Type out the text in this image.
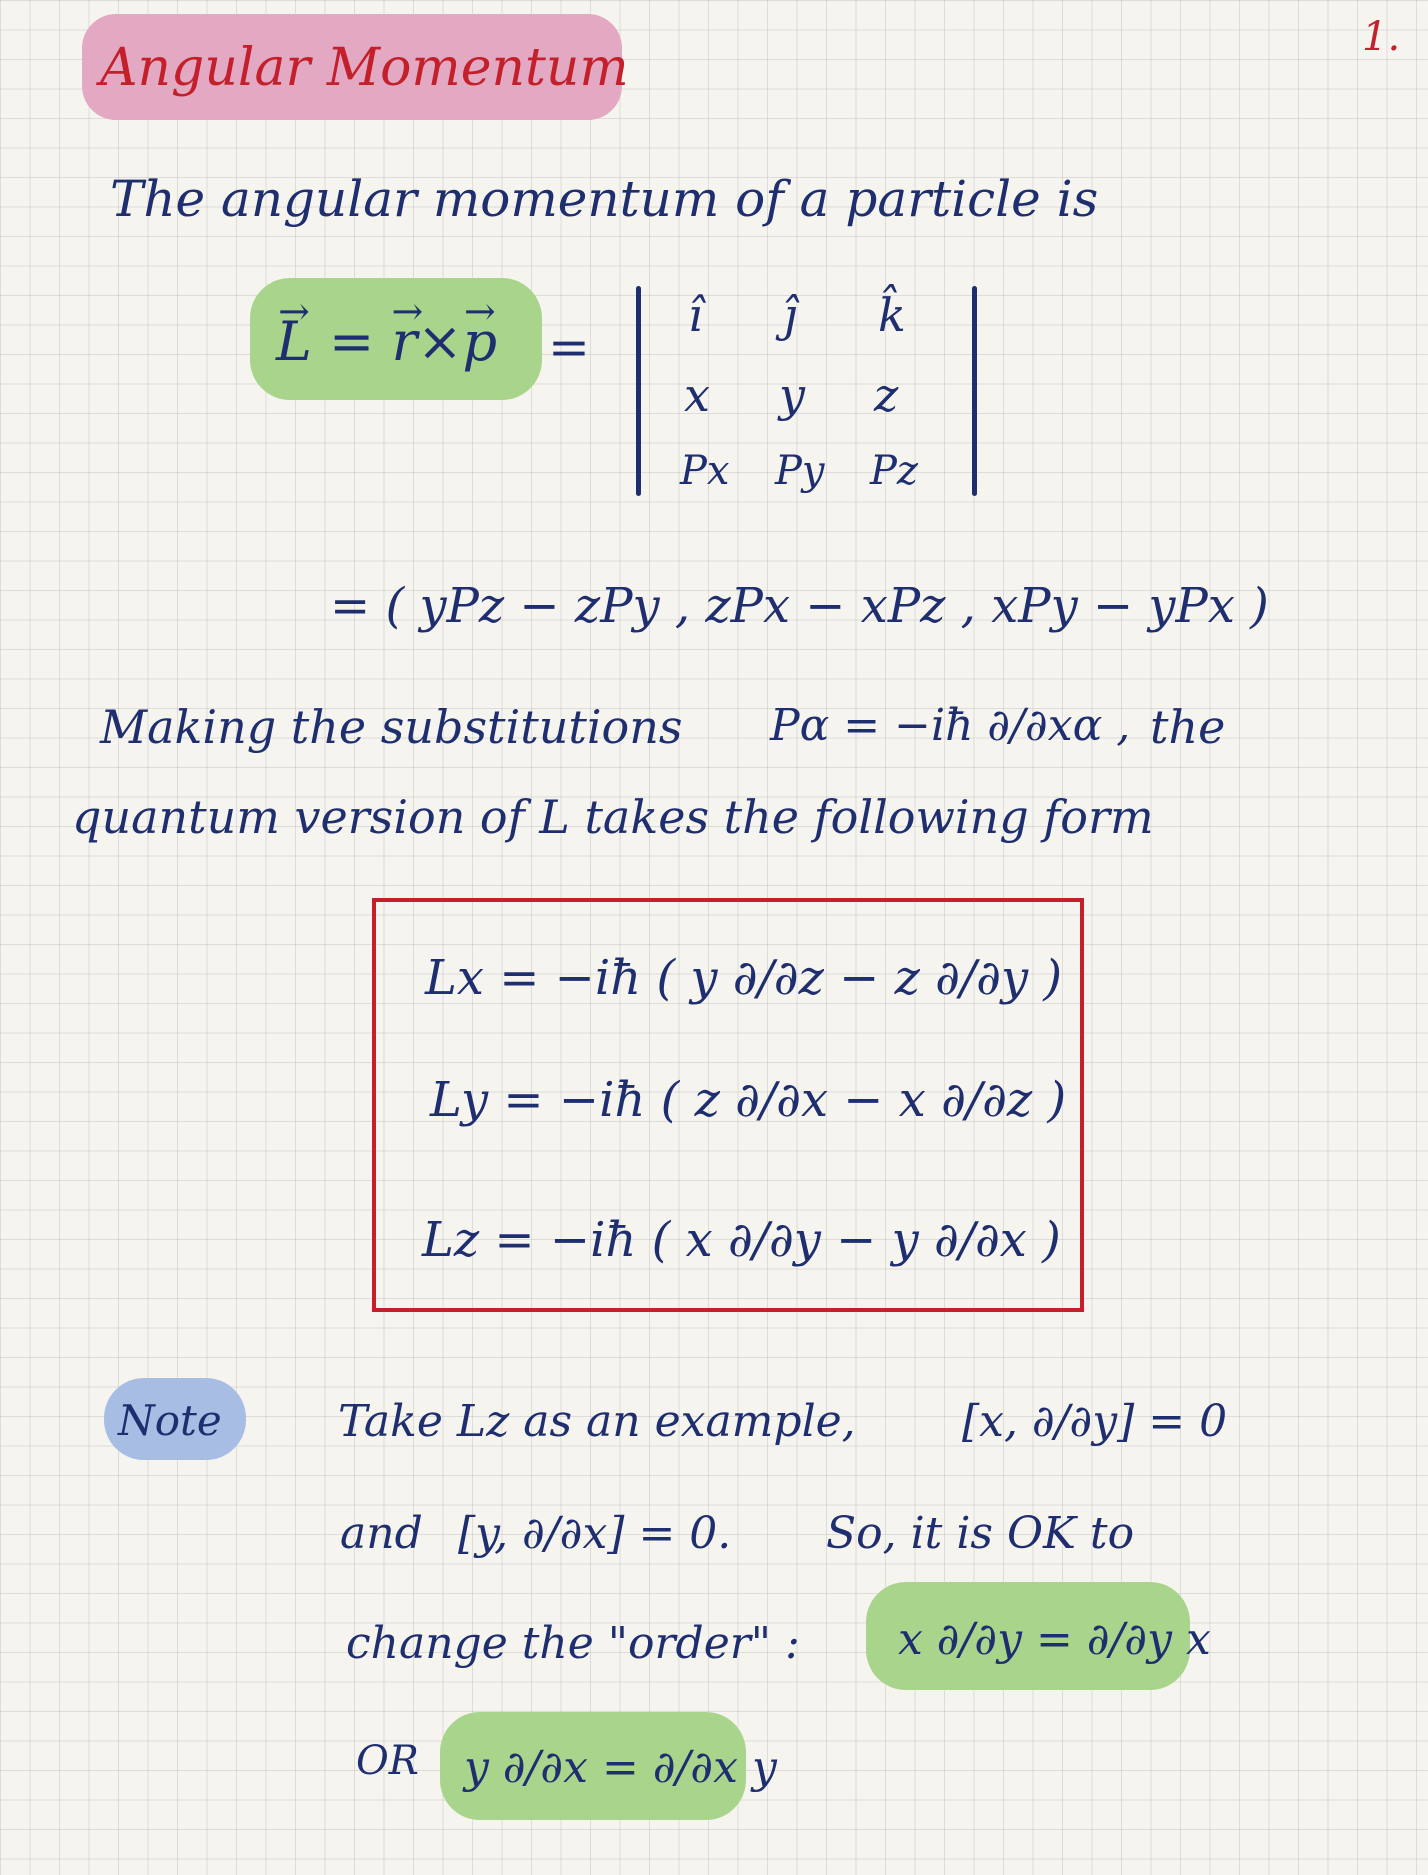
1.
Angular Momentum
The angular momentum of a particle is
→ L = → r×→ p =
î ĵ k̂
x y z
Px Py Pz
= ( yPz − zPy , zPx − xPz , xPy − yPx )
Making the substitutions Pα = −iħ ∂/∂xα , the
quantum version of L takes the following form
Lx = −iħ ( y ∂/∂z − z ∂/∂y )
Ly = −iħ ( z ∂/∂x − x ∂/∂z )
Lz = −iħ ( x ∂/∂y − y ∂/∂x )
Note	Take Lz as an example, [x, ∂/∂y] = 0
and [y, ∂/∂x] = 0. So, it is OK to
change the "order" : x ∂/∂y = ∂/∂y x
OR y ∂/∂x = ∂/∂x y
